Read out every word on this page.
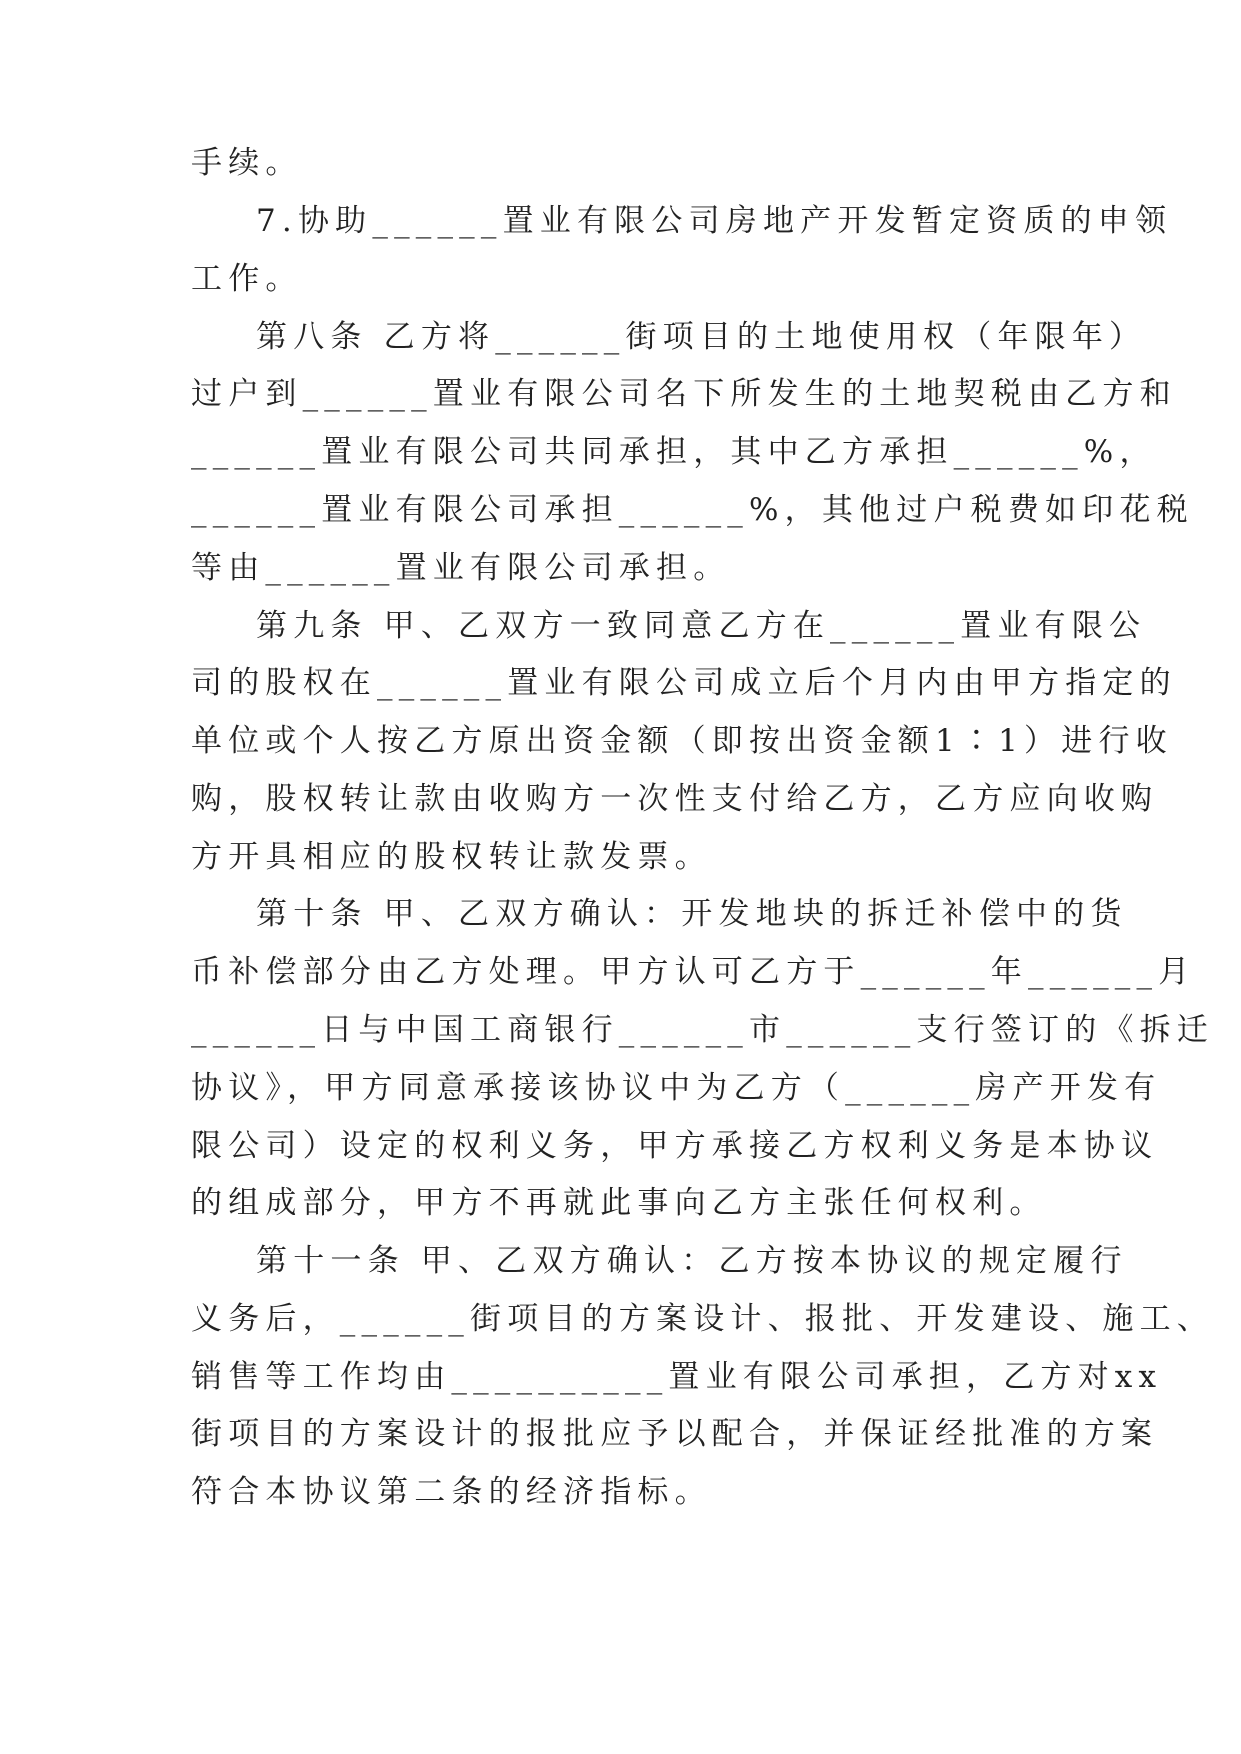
手续。
7.协助______置业有限公司房地产开发暂定资质的申领
工作。
第八条 乙方将______街项目的土地使用权（年限年）
过户到______置业有限公司名下所发生的土地契税由乙方和
______置业有限公司共同承担，其中乙方承担______%，
______置业有限公司承担______%，其他过户税费如印花税
等由______置业有限公司承担。
第九条 甲、乙双方一致同意乙方在______置业有限公
司的股权在______置业有限公司成立后个月内由甲方指定的
单位或个人按乙方原出资金额（即按出资金额1∶1）进行收
购，股权转让款由收购方一次性支付给乙方，乙方应向收购
方开具相应的股权转让款发票。
第十条 甲、乙双方确认：开发地块的拆迁补偿中的货
币补偿部分由乙方处理。甲方认可乙方于______年______月
______日与中国工商银行______市______支行签订的《拆迁
协议》，甲方同意承接该协议中为乙方（______房产开发有
限公司）设定的权利义务，甲方承接乙方权利义务是本协议
的组成部分，甲方不再就此事向乙方主张任何权利。
第十一条 甲、乙双方确认：乙方按本协议的规定履行
义务后，______街项目的方案设计、报批、开发建设、施工、
销售等工作均由__________置业有限公司承担，乙方对xx
街项目的方案设计的报批应予以配合，并保证经批准的方案
符合本协议第二条的经济指标。
